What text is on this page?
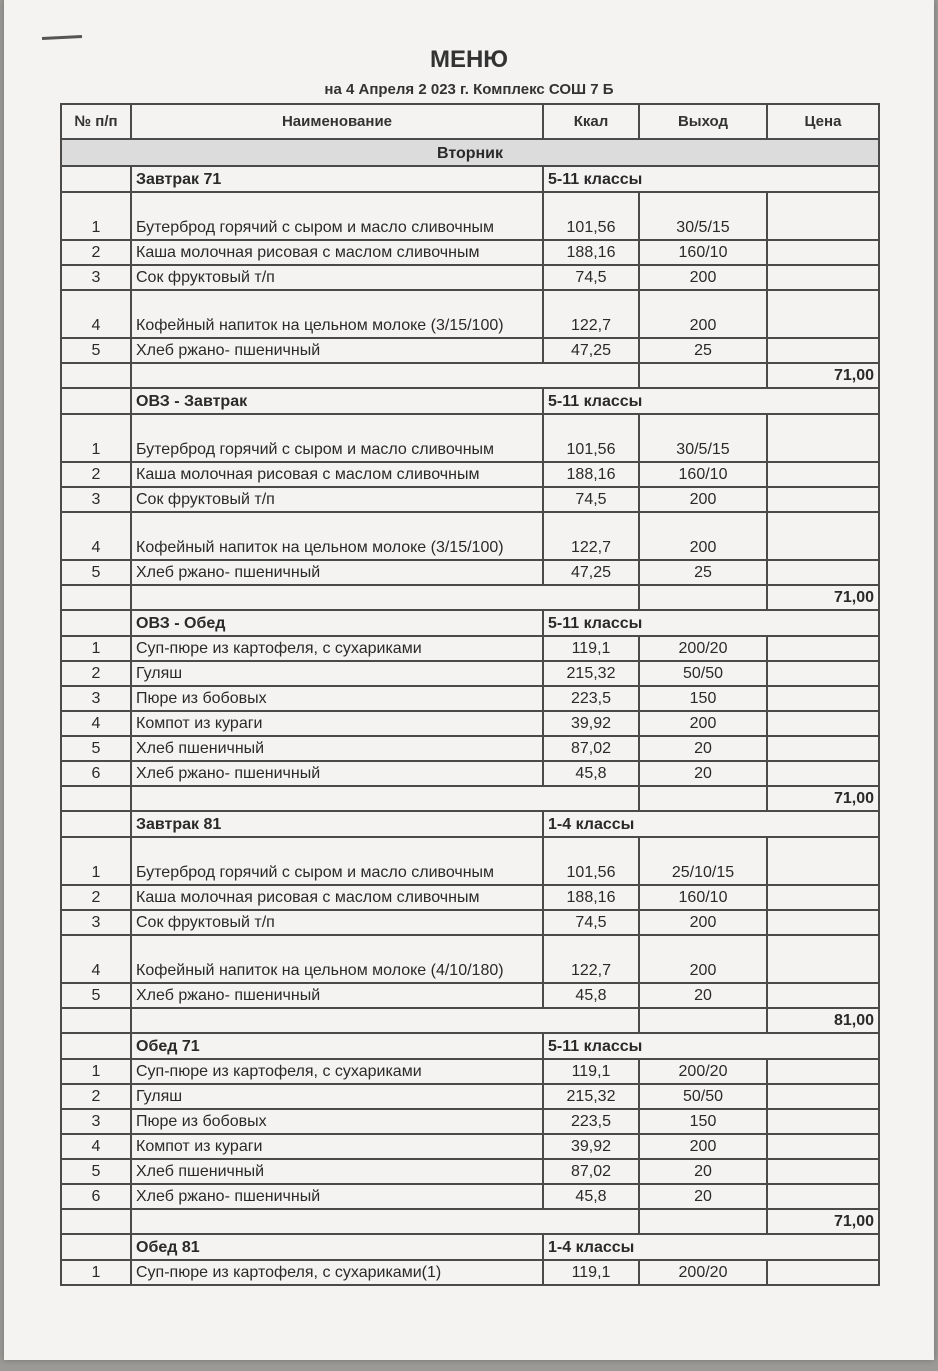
МЕНЮ
на 4 Апреля 2 023 г. Комплекс СОШ 7 Б
№ п/п	Наименование	Ккал	Выход	Цена
Вторник				
	Завтрак 71	5-11 классы		
1	Бутерброд горячий с сыром и масло сливочным	101,56	30/5/15	
2	Каша молочная рисовая с маслом сливочным	188,16	160/10	
3	Сок фруктовый т/п	74,5	200	
4	Кофейный напиток на цельном молоке (3/15/100)	122,7	200	
5	Хлеб ржано- пшеничный	47,25	25	
				71,00
	ОВЗ - Завтрак	5-11 классы		
1	Бутерброд горячий с сыром и масло сливочным	101,56	30/5/15	
2	Каша молочная рисовая с маслом сливочным	188,16	160/10	
3	Сок фруктовый т/п	74,5	200	
4	Кофейный напиток на цельном молоке (3/15/100)	122,7	200	
5	Хлеб ржано- пшеничный	47,25	25	
				71,00
	ОВЗ - Обед	5-11 классы		
1	Суп-пюре из картофеля, с сухариками	119,1	200/20	
2	Гуляш	215,32	50/50	
3	Пюре из бобовых	223,5	150	
4	Компот из кураги	39,92	200	
5	Хлеб пшеничный	87,02	20	
6	Хлеб ржано- пшеничный	45,8	20	
				71,00
	Завтрак 81	1-4 классы		
1	Бутерброд горячий с сыром и масло сливочным	101,56	25/10/15	
2	Каша молочная рисовая с маслом сливочным	188,16	160/10	
3	Сок фруктовый т/п	74,5	200	
4	Кофейный напиток на цельном молоке (4/10/180)	122,7	200	
5	Хлеб ржано- пшеничный	45,8	20	
				81,00
	Обед 71	5-11 классы		
1	Суп-пюре из картофеля, с сухариками	119,1	200/20	
2	Гуляш	215,32	50/50	
3	Пюре из бобовых	223,5	150	
4	Компот из кураги	39,92	200	
5	Хлеб пшеничный	87,02	20	
6	Хлеб ржано- пшеничный	45,8	20	
				71,00
	Обед 81	1-4 классы		
1	Суп-пюре из картофеля, с сухариками(1)	119,1	200/20	
